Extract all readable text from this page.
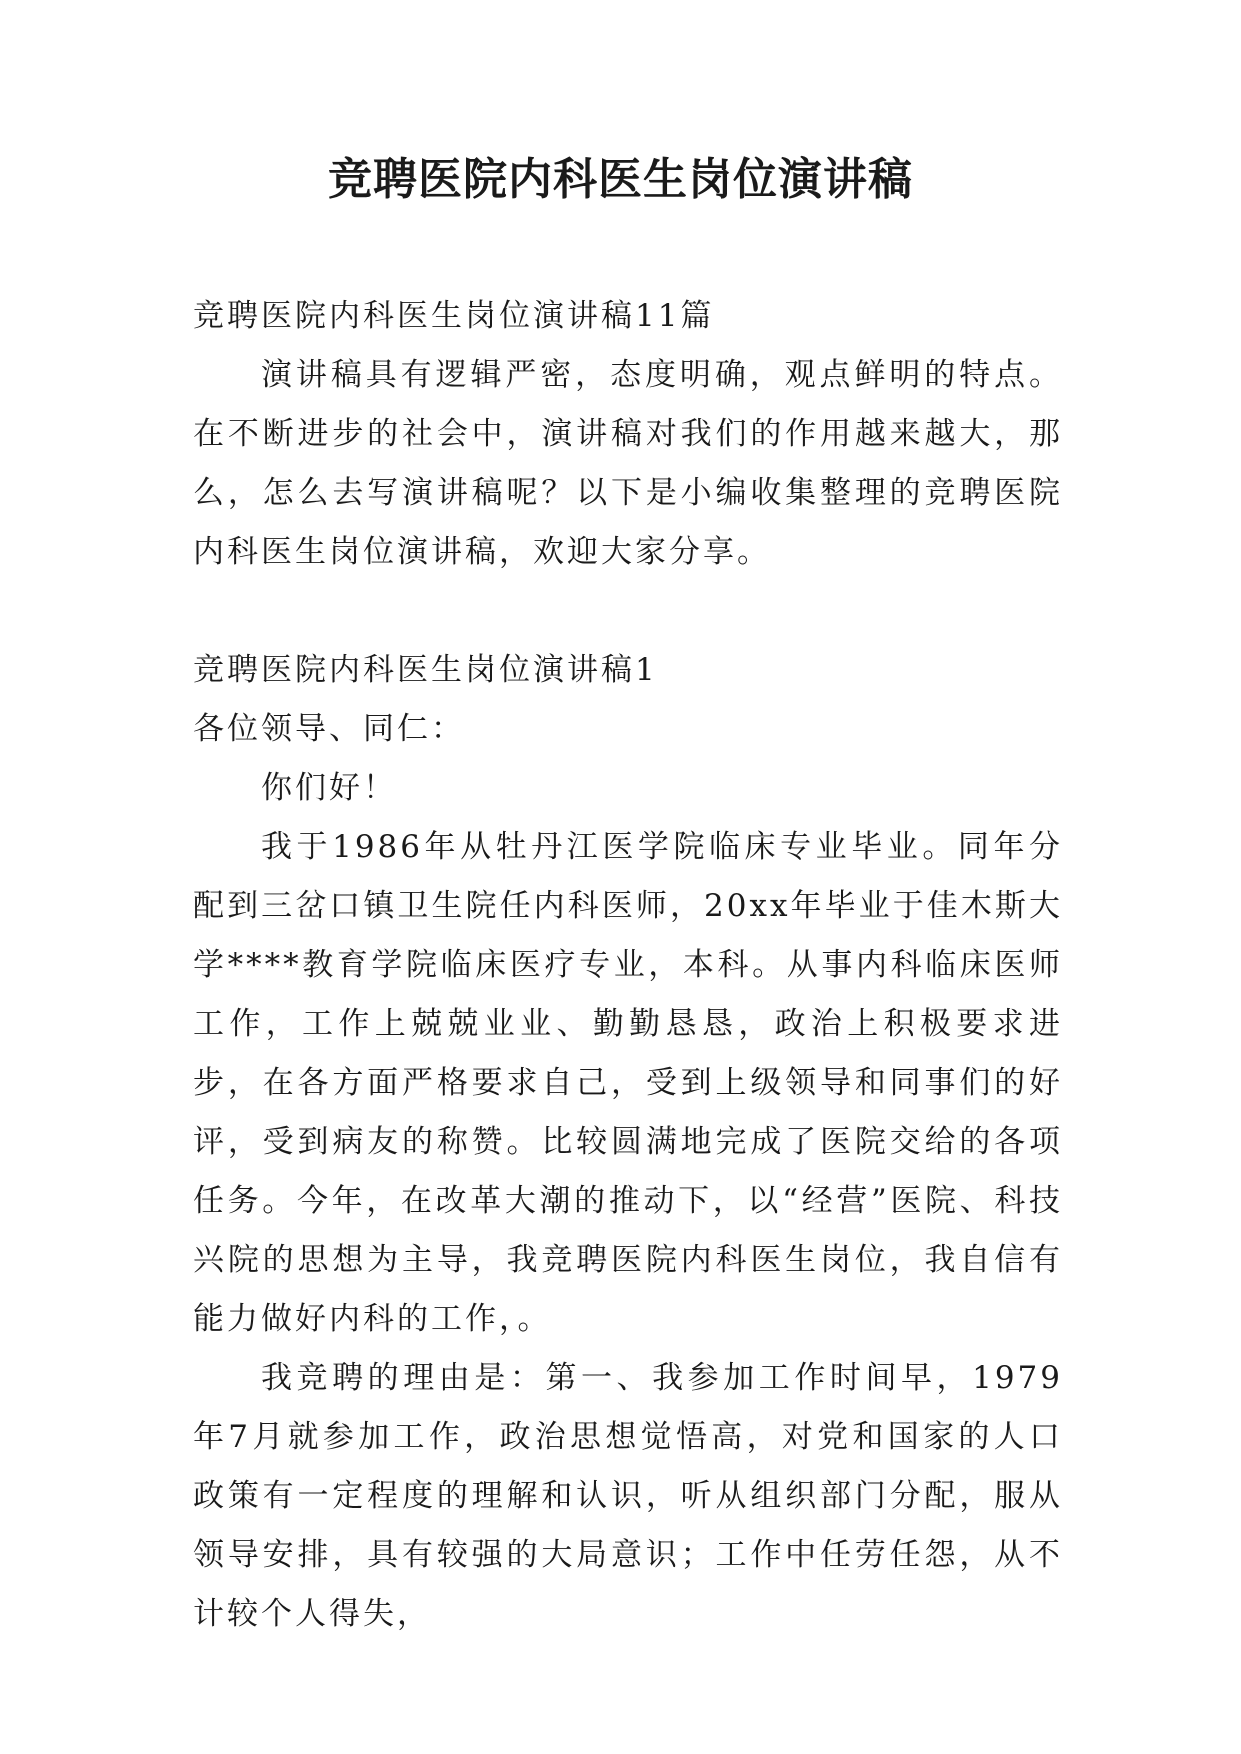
竞聘医院内科医生岗位演讲稿

竞聘医院内科医生岗位演讲稿11篇

演讲稿具有逻辑严密，态度明确，观点鲜明的特点。在不断进步的社会中，演讲稿对我们的作用越来越大，那么，怎么去写演讲稿呢？以下是小编收集整理的竞聘医院内科医生岗位演讲稿，欢迎大家分享。

竞聘医院内科医生岗位演讲稿1

各位领导、同仁：

你们好！

我于1986年从牡丹江医学院临床专业毕业。同年分配到三岔口镇卫生院任内科医师，20xx年毕业于佳木斯大学****教育学院临床医疗专业，本科。从事内科临床医师工作，工作上兢兢业业、勤勤恳恳，政治上积极要求进步，在各方面严格要求自己，受到上级领导和同事们的好评，受到病友的称赞。比较圆满地完成了医院交给的各项任务。今年，在改革大潮的推动下，以“经营”医院、科技兴院的思想为主导，我竞聘医院内科医生岗位，我自信有能力做好内科的工作，。

我竞聘的理由是：第一、我参加工作时间早，1979年7月就参加工作，政治思想觉悟高，对党和国家的人口政策有一定程度的理解和认识，听从组织部门分配，服从领导安排，具有较强的大局意识；工作中任劳任怨，从不计较个人得失，
